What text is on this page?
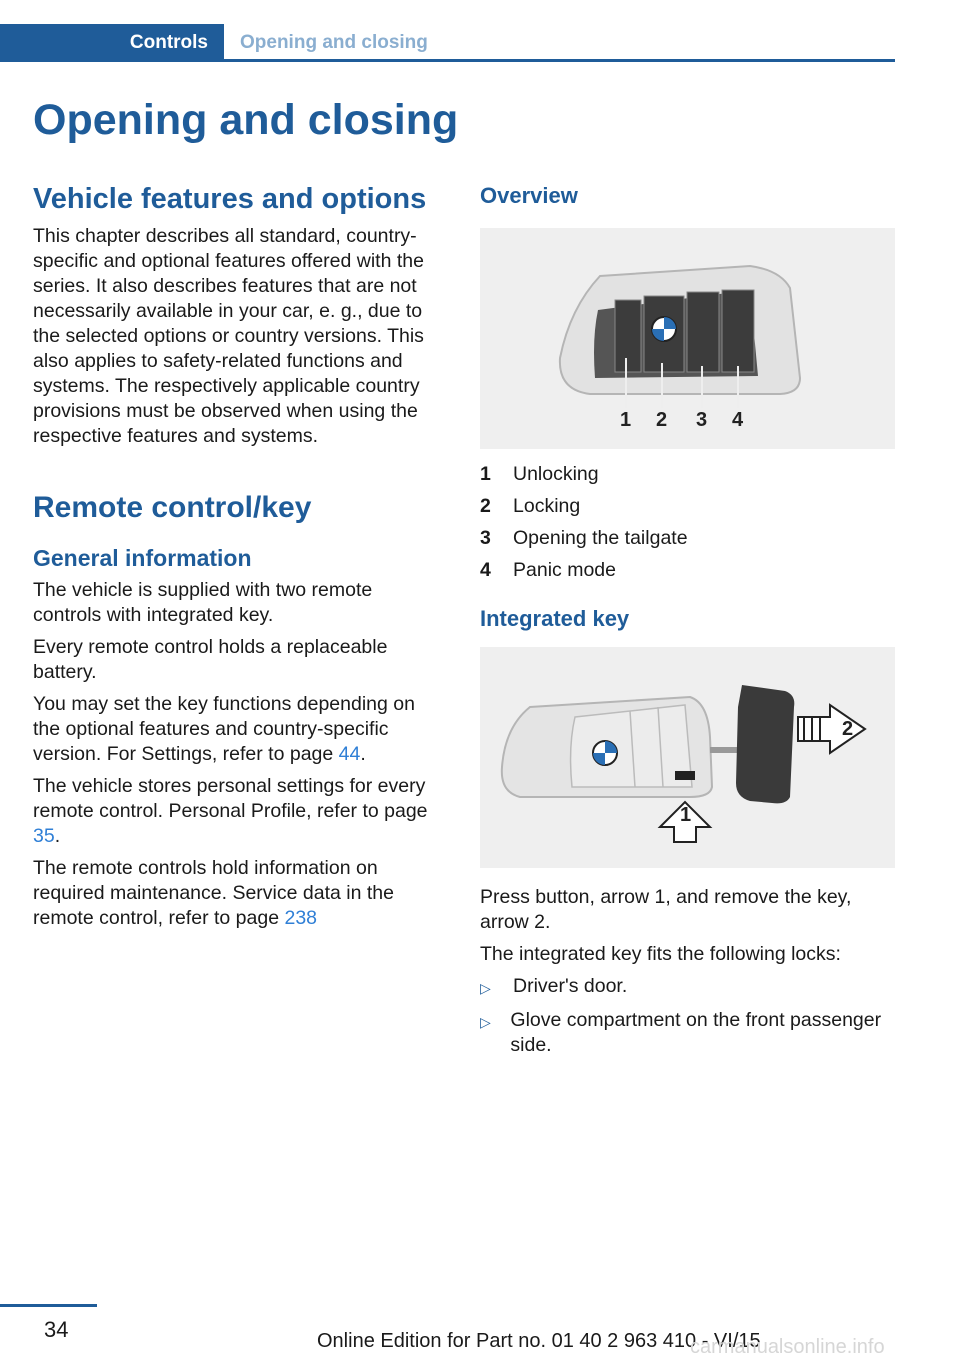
Controls	Opening and closing
Opening and closing
Vehicle features and options

This chapter describes all standard, country-specific and optional features offered with the series. It also describes features that are not necessarily available in your car, e. g., due to the selected options or country versions. This also applies to safety-related functions and systems. The respectively applicable country provisions must be observed when using the respective features and systems.

Remote control/key
General information

The vehicle is supplied with two remote controls with integrated key.

Every remote control holds a replaceable battery.

You may set the key functions depending on the optional features and country-specific version. For Settings, refer to page 44.

The vehicle stores personal settings for every remote control. Personal Profile, refer to page 35.

The remote controls hold information on required maintenance. Service data in the remote control, refer to page 238

Overview
1 2 3 4
1	Unlocking
2	Locking
3	Opening the tailgate
4	Panic mode
Integrated key
1
2

Press button, arrow 1, and remove the key, arrow 2.

The integrated key fits the following locks:

▷	Driver's door.
▷	Glove compartment on the front passenger side.
34	Online Edition for Part no. 01 40 2 963 410 - VI/15
carmanualsonline.info
